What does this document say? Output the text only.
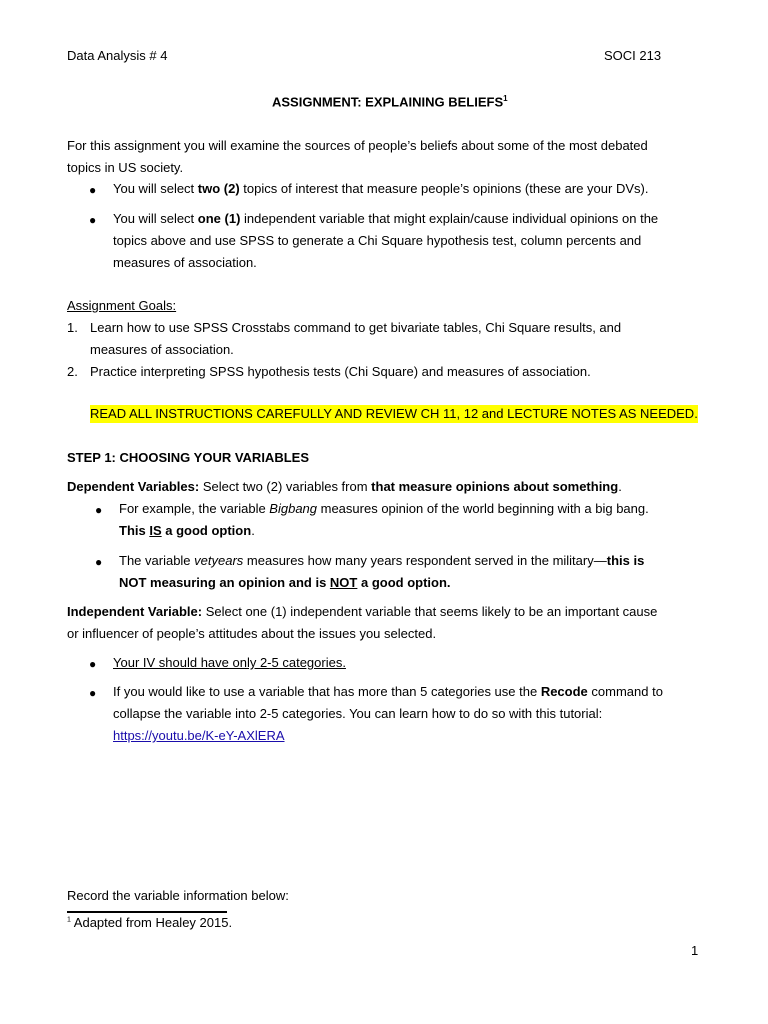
Data Analysis # 4	SOCI 213
ASSIGNMENT: EXPLAINING BELIEFS$^1$
For this assignment you will examine the sources of people’s beliefs about some of the most debated
topics in US society.
● You will select two (2) topics of interest that measure people’s opinions (these are your DVs).
● You will select one (1) independent variable that might explain/cause individual opinions on the
topics above and use SPSS to generate a Chi Square hypothesis test, column percents and
measures of association.
Assignment Goals:
1. Learn how to use SPSS Crosstabs command to get bivariate tables, Chi Square results, and
measures of association.
2. Practice interpreting SPSS hypothesis tests (Chi Square) and measures of association.
READ ALL INSTRUCTIONS CAREFULLY AND REVIEW CH 11, 12 and LECTURE NOTES AS NEEDED.
STEP 1: CHOOSING YOUR VARIABLES
Dependent Variables: Select two (2) variables from that measure opinions about something.
● For example, the variable Bigbang measures opinion of the world beginning with a big bang.
This IS a good option.
● The variable vetyears measures how many years respondent served in the military—this is
NOT measuring an opinion and is NOT a good option.
Independent Variable: Select one (1) independent variable that seems likely to be an important cause
or influencer of people’s attitudes about the issues you selected.
● Your IV should have only 2-5 categories.
● If you would like to use a variable that has more than 5 categories use the Recode command to
collapse the variable into 2-5 categories. You can learn how to do so with this tutorial:
https://youtu.be/K-eY-AXlERA
Record the variable information below:
$^1$ Adapted from Healey 2015.
1
